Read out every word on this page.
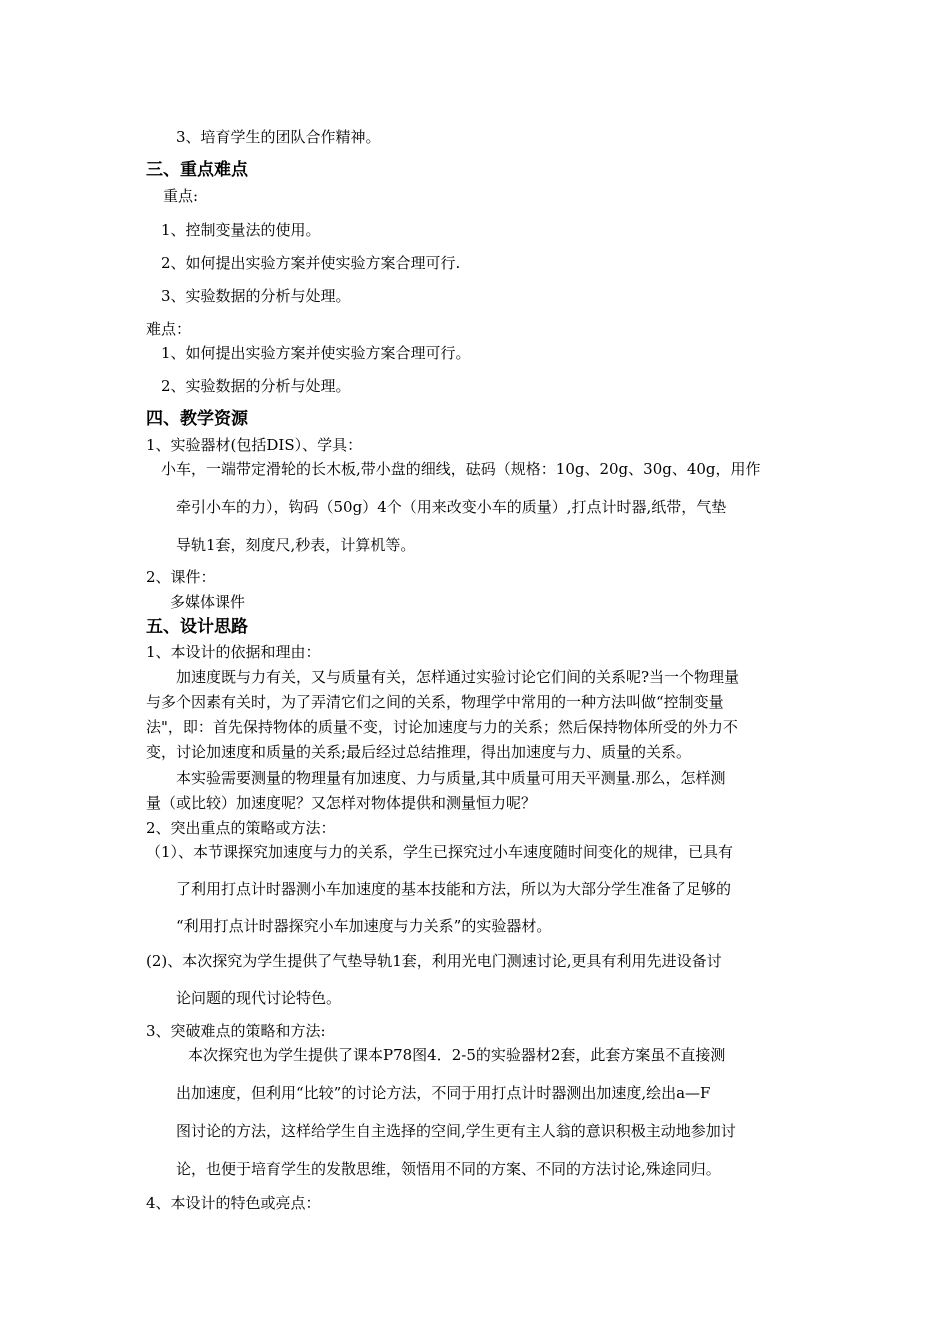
3、培育学生的团队合作精神。
三、重点难点
重点:
1、控制变量法的使用。
2、如何提出实验方案并使实验方案合理可行.
3、实验数据的分析与处理。
难点：
1、如何提出实验方案并使实验方案合理可行。
2、实验数据的分析与处理。
四、教学资源
1、实验器材(包括DIS）、学具：
小车，一端带定滑轮的长木板,带小盘的细线，砝码（规格：10g、20g、30g、40g，用作
牵引小车的力），钩码（50g）4个（用来改变小车的质量）,打点计时器,纸带，气垫
导轨1套，刻度尺,秒表，计算机等。
2、课件：
多媒体课件
五、设计思路
1、本设计的依据和理由：
加速度既与力有关，又与质量有关，怎样通过实验讨论它们间的关系呢?当一个物理量
与多个因素有关时，为了弄清它们之间的关系，物理学中常用的一种方法叫做“控制变量
法"，即：首先保持物体的质量不变，讨论加速度与力的关系；然后保持物体所受的外力不
变，讨论加速度和质量的关系;最后经过总结推理，得出加速度与力、质量的关系。
本实验需要测量的物理量有加速度、力与质量,其中质量可用天平测量.那么，怎样测
量（或比较）加速度呢？又怎样对物体提供和测量恒力呢？
2、突出重点的策略或方法：
（1）、本节课探究加速度与力的关系，学生已探究过小车速度随时间变化的规律，已具有
了利用打点计时器测小车加速度的基本技能和方法，所以为大部分学生准备了足够的
“利用打点计时器探究小车加速度与力关系”的实验器材。
(2)、本次探究为学生提供了气垫导轨1套，利用光电门测速讨论,更具有利用先进设备讨
论问题的现代讨论特色。
3、突破难点的策略和方法:
本次探究也为学生提供了课本P78图4．2-5的实验器材2套，此套方案虽不直接测
出加速度，但利用“比较”的讨论方法，不同于用打点计时器测出加速度,绘出a—F
图讨论的方法，这样给学生自主选择的空间,学生更有主人翁的意识积极主动地参加讨
论，也便于培育学生的发散思维，领悟用不同的方案、不同的方法讨论,殊途同归。
4、本设计的特色或亮点：
